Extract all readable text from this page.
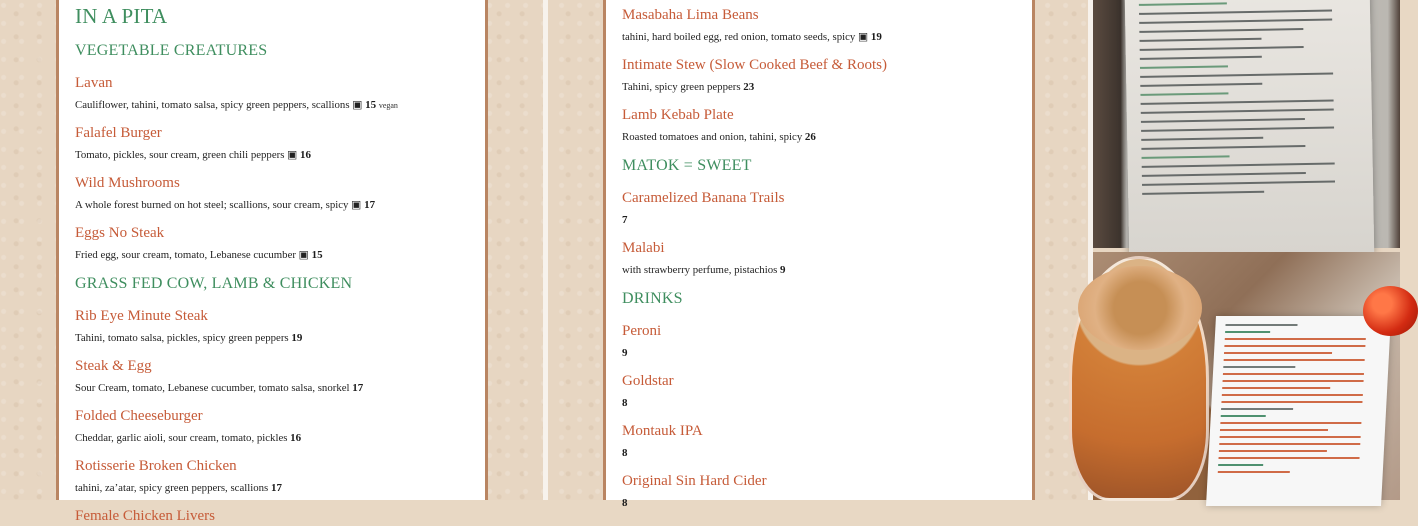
IN A PITA
VEGETABLE CREATURES
Lavan
Cauliflower, tahini, tomato salsa, spicy green peppers, scallions ▣ 15 vegan
Falafel Burger
Tomato, pickles, sour cream, green chili peppers ▣ 16
Wild Mushrooms
A whole forest burned on hot steel; scallions, sour cream, spicy ▣ 17
Eggs No Steak
Fried egg, sour cream, tomato, Lebanese cucumber ▣ 15
GRASS FED COW, LAMB & CHICKEN
Rib Eye Minute Steak
Tahini, tomato salsa, pickles, spicy green peppers 19
Steak & Egg
Sour Cream, tomato, Lebanese cucumber, tomato salsa, snorkel 17
Folded Cheeseburger
Cheddar, garlic aioli, sour cream, tomato, pickles 16
Rotisserie Broken Chicken
tahini, za’atar, spicy green peppers, scallions 17
Female Chicken Livers
Masabaha Lima Beans
tahini, hard boiled egg, red onion, tomato seeds, spicy ▣ 19
Intimate Stew (Slow Cooked Beef & Roots)
Tahini, spicy green peppers 23
Lamb Kebab Plate
Roasted tomatoes and onion, tahini, spicy 26
MATOK = SWEET
Caramelized Banana Trails
7
Malabi
with strawberry perfume, pistachios 9
DRINKS
Peroni
9
Goldstar
8
Montauk IPA
8
Original Sin Hard Cider
8
